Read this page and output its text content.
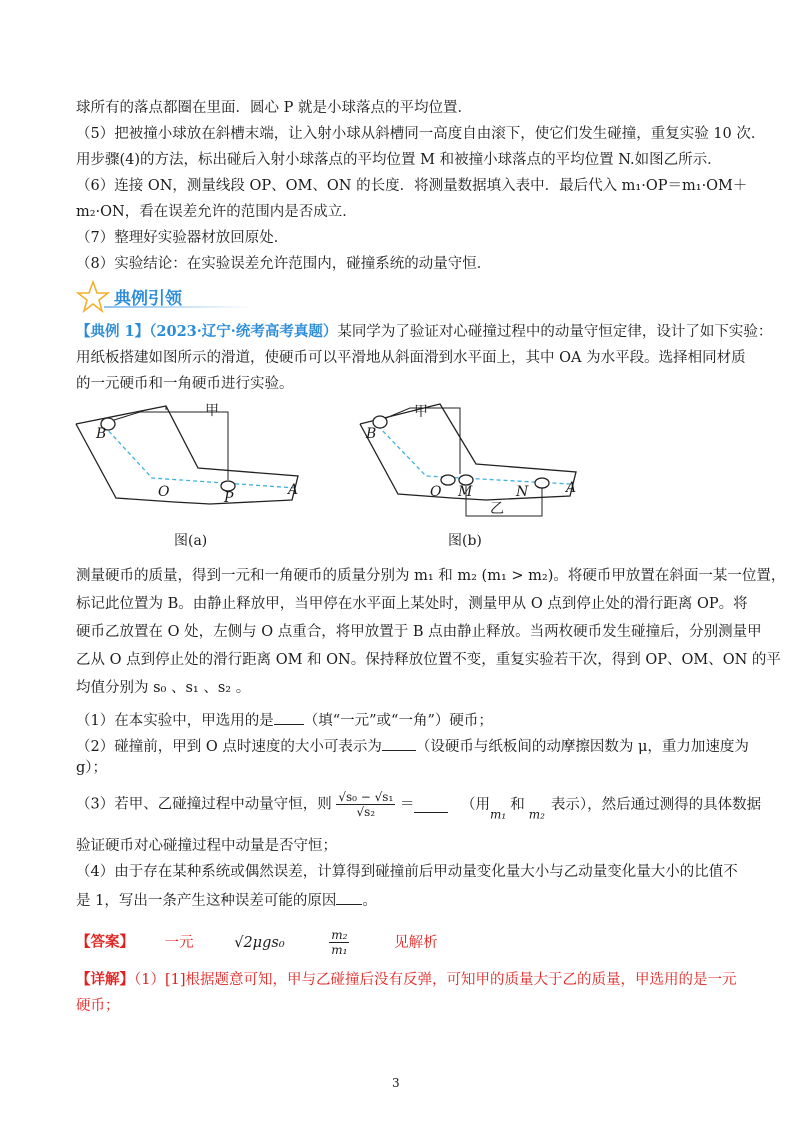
球所有的落点都圈在里面．圆心 P 就是小球落点的平均位置．
（5）把被撞小球放在斜槽末端，让入射小球从斜槽同一高度自由滚下，使它们发生碰撞，重复实验 10 次．
用步骤(4)的方法，标出碰后入射小球落点的平均位置 M 和被撞小球落点的平均位置 N.如图乙所示．
（6）连接 ON，测量线段 OP、OM、ON 的长度．将测量数据填入表中．最后代入 m₁·OP＝m₁·OM＋
m₂·ON，看在误差允许的范围内是否成立．
（7）整理好实验器材放回原处．
（8）实验结论：在实验误差允许范围内，碰撞系统的动量守恒．
典例引领
【典例 1】（2023·辽宁·统考高考真题）某同学为了验证对心碰撞过程中的动量守恒定律，设计了如下实验：
用纸板搭建如图所示的滑道，使硬币可以平滑地从斜面滑到水平面上，其中 OA 为水平段。选择相同材质
的一元硬币和一角硬币进行实验。
甲
B
O	P	A
图(a)
甲
B
O M	N	A
乙
图(b)
测量硬币的质量，得到一元和一角硬币的质量分别为 m₁ 和 m₂ (m₁ > m₂)。将硬币甲放置在斜面一某一位置，
标记此位置为 B。由静止释放甲，当甲停在水平面上某处时，测量甲从 O 点到停止处的滑行距离 OP。将
硬币乙放置在 O 处，左侧与 O 点重合，将甲放置于 B 点由静止释放。当两枚硬币发生碰撞后，分别测量甲
乙从 O 点到停止处的滑行距离 OM 和 ON。保持释放位置不变，重复实验若干次，得到 OP、OM、ON 的平
均值分别为 s₀ 、s₁ 、s₂ 。
（1）在本实验中，甲选用的是 （填“一元”或“一角”）硬币；
（2）碰撞前，甲到 O 点时速度的大小可表示为 （设硬币与纸板间的动摩擦因数为 μ，重力加速度为
g）；
（3）若甲、乙碰撞过程中动量守恒，则 $\frac{\text{√s₀ − √s₁}}{\text{√s₂}}$ ＝	（用$_{m_1}$和$_{m_2}$表示），然后通过测得的具体数据
验证硬币对心碰撞过程中动量是否守恒；
（4）由于存在某种系统或偶然误差，计算得到碰撞前后甲动量变化量大小与乙动量变化量大小的比值不
是 1，写出一条产生这种误差可能的原因 。
【答案】 一元	√2μgs₀	$\frac{\text{m₂}}{\text{m₁}}$	见解析
【详解】（1）[1]根据题意可知，甲与乙碰撞后没有反弹，可知甲的质量大于乙的质量，甲选用的是一元
硬币；
3
